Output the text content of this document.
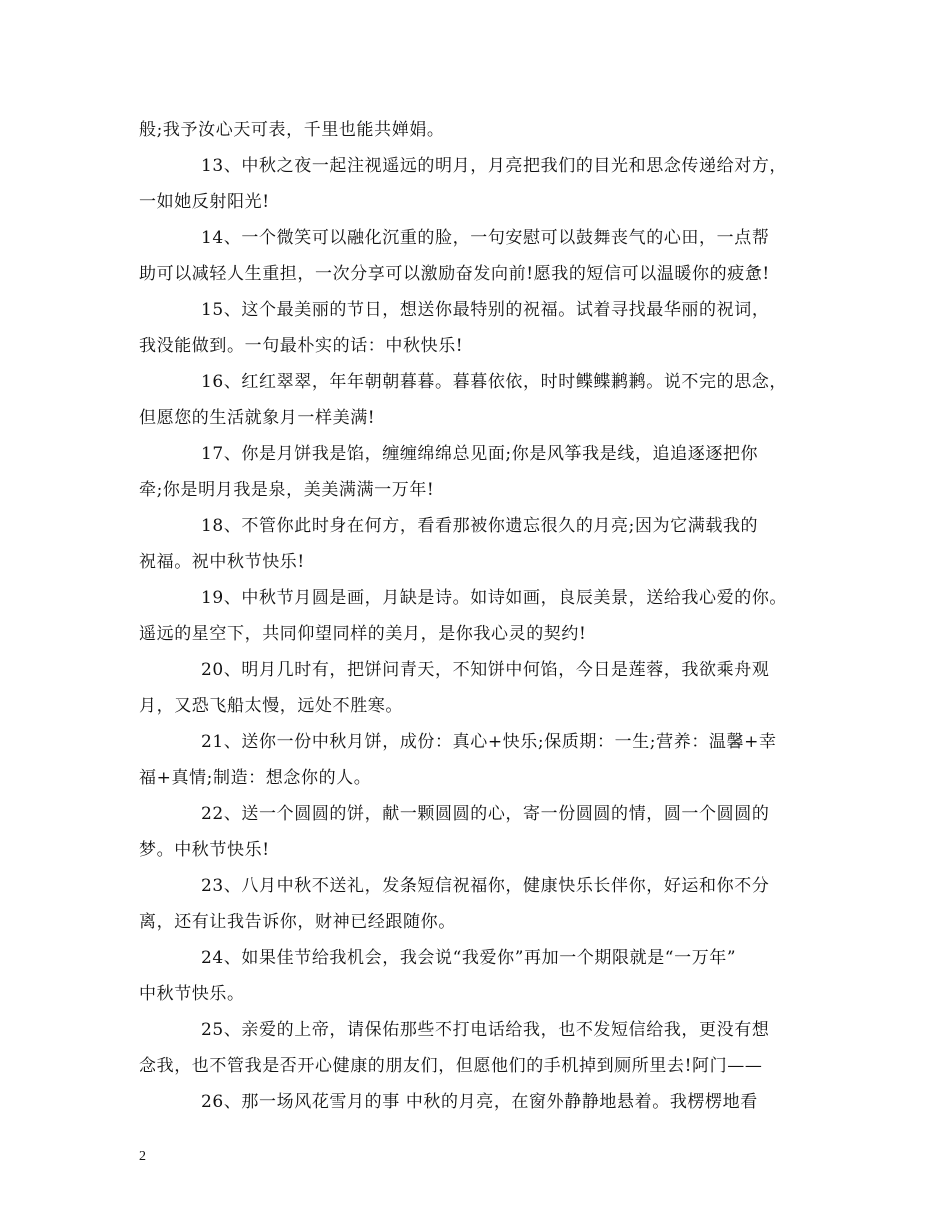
般;我予汝心天可表，千里也能共婵娟。
13、中秋之夜一起注视遥远的明月，月亮把我们的目光和思念传递给对方，
一如她反射阳光!
14、一个微笑可以融化沉重的脸，一句安慰可以鼓舞丧气的心田，一点帮
助可以减轻人生重担，一次分享可以激励奋发向前!愿我的短信可以温暖你的疲惫!
15、这个最美丽的节日，想送你最特别的祝福。试着寻找最华丽的祝词，
我没能做到。一句最朴实的话：中秋快乐!
16、红红翠翠，年年朝朝暮暮。暮暮依依，时时鲽鲽鹣鹣。说不完的思念，
但愿您的生活就象月一样美满!
17、你是月饼我是馅，缠缠绵绵总见面;你是风筝我是线，追追逐逐把你
牵;你是明月我是泉，美美满满一万年!
18、不管你此时身在何方，看看那被你遗忘很久的月亮;因为它满载我的
祝福。祝中秋节快乐!
19、中秋节月圆是画，月缺是诗。如诗如画，良辰美景，送给我心爱的你。
遥远的星空下，共同仰望同样的美月，是你我心灵的契约!
20、明月几时有，把饼问青天，不知饼中何馅，今日是莲蓉，我欲乘舟观
月，又恐飞船太慢，远处不胜寒。
21、送你一份中秋月饼，成份：真心+快乐;保质期：一生;营养：温馨+幸
福+真情;制造：想念你的人。
22、送一个圆圆的饼，献一颗圆圆的心，寄一份圆圆的情，圆一个圆圆的
梦。中秋节快乐!
23、八月中秋不送礼，发条短信祝福你，健康快乐长伴你，好运和你不分
离，还有让我告诉你，财神已经跟随你。
24、如果佳节给我机会，我会说“我爱你”再加一个期限就是“一万年”
中秋节快乐。
25、亲爱的上帝，请保佑那些不打电话给我，也不发短信给我，更没有想
念我，也不管我是否开心健康的朋友们，但愿他们的手机掉到厕所里去!阿门——
26、那一场风花雪月的事 中秋的月亮，在窗外静静地悬着。我楞楞地看
2
